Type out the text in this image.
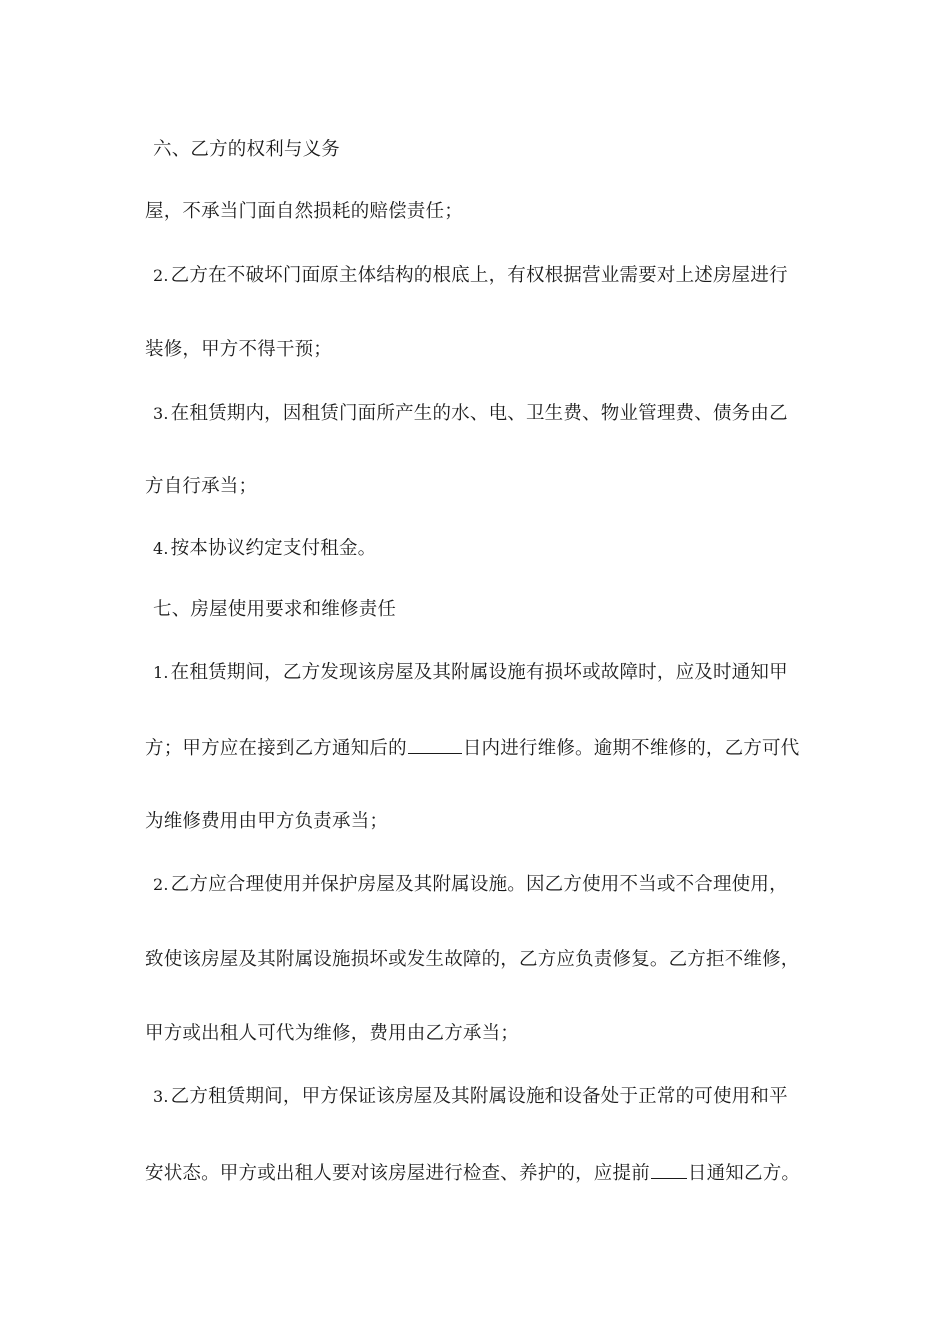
六、乙方的权利与义务
屋，不承当门面自然损耗的赔偿责任；
2. 乙方在不破坏门面原主体结构的根底上，有权根据营业需要对上述房屋进行
装修，甲方不得干预；
3. 在租赁期内，因租赁门面所产生的水、电、卫生费、物业管理费、债务由乙
方自行承当；
4. 按本协议约定支付租金。
七、房屋使用要求和维修责任
1. 在租赁期间，乙方发现该房屋及其附属设施有损坏或故障时，应及时通知甲
方；甲方应在接到乙方通知后的	日内进行维修。逾期不维修的，乙方可代
为维修费用由甲方负责承当；
2. 乙方应合理使用并保护房屋及其附属设施。因乙方使用不当或不合理使用，
致使该房屋及其附属设施损坏或发生故障的，乙方应负责修复。乙方拒不维修，
甲方或出租人可代为维修，费用由乙方承当；
3. 乙方租赁期间，甲方保证该房屋及其附属设施和设备处于正常的可使用和平
安状态。甲方或出租人要对该房屋进行检查、养护的，应提前 日通知乙方。
